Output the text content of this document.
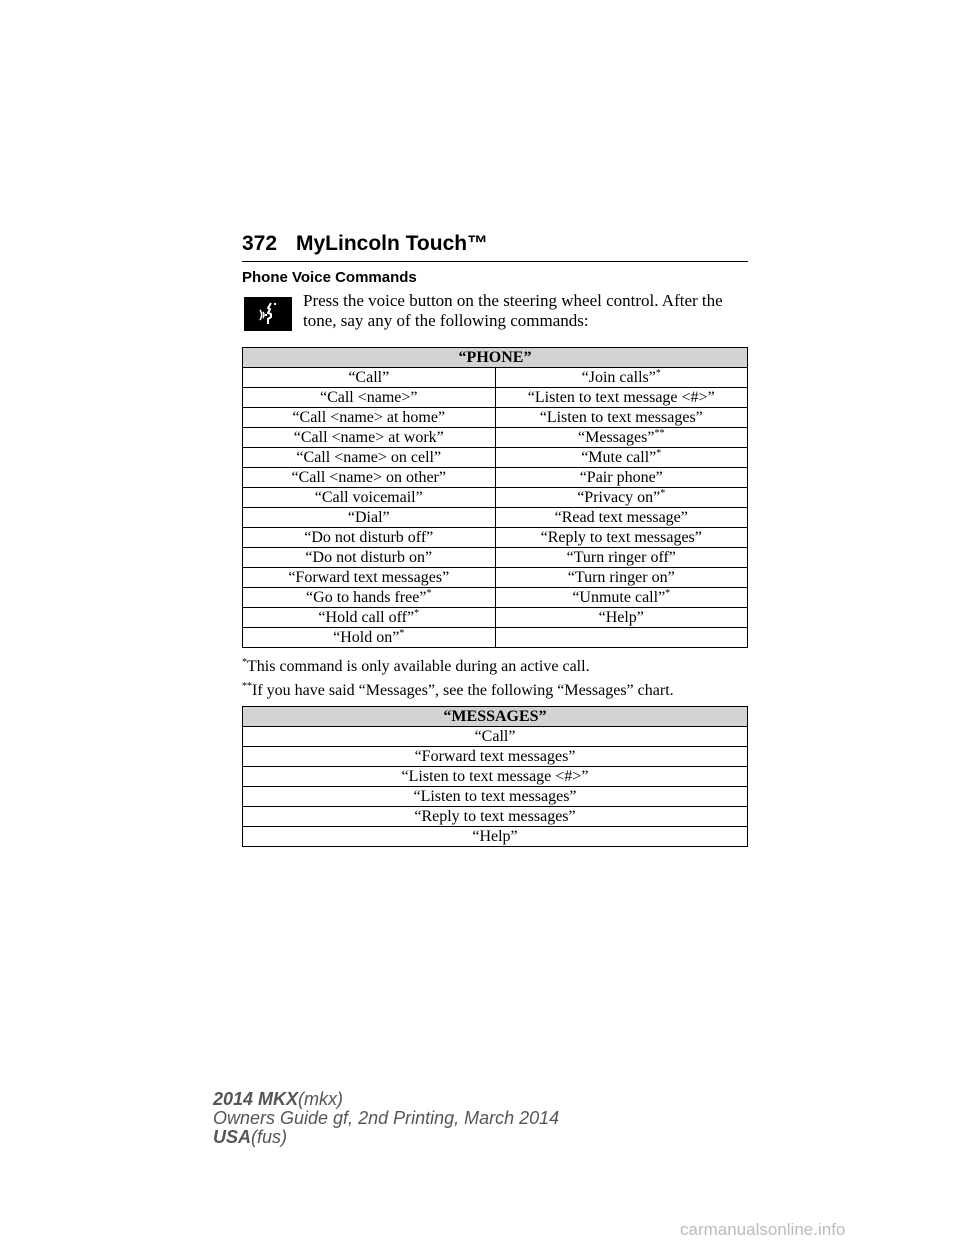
372 MyLincoln Touch™
Phone Voice Commands
Press the voice button on the steering wheel control. After the tone, say any of the following commands:
“PHONE”	
“Call”	“Join calls”*
“Call <name>”	“Listen to text message <#>”
“Call <name> at home”	“Listen to text messages”
“Call <name> at work”	“Messages”**
“Call <name> on cell”	“Mute call”*
“Call <name> on other”	“Pair phone”
“Call voicemail”	“Privacy on”*
“Dial”	“Read text message”
“Do not disturb off”	“Reply to text messages”
“Do not disturb on”	“Turn ringer off”
“Forward text messages”	“Turn ringer on”
“Go to hands free”*	“Unmute call”*
“Hold call off”*	“Help”
“Hold on”*	
*This command is only available during an active call.
**If you have said “Messages”, see the following “Messages” chart.
“MESSAGES”
“Call”
“Forward text messages”
“Listen to text message <#>”
“Listen to text messages”
“Reply to text messages”
“Help”
2014 MKX(mkx)
Owners Guide gf, 2nd Printing, March 2014
USA(fus)
carmanualsonline.info
